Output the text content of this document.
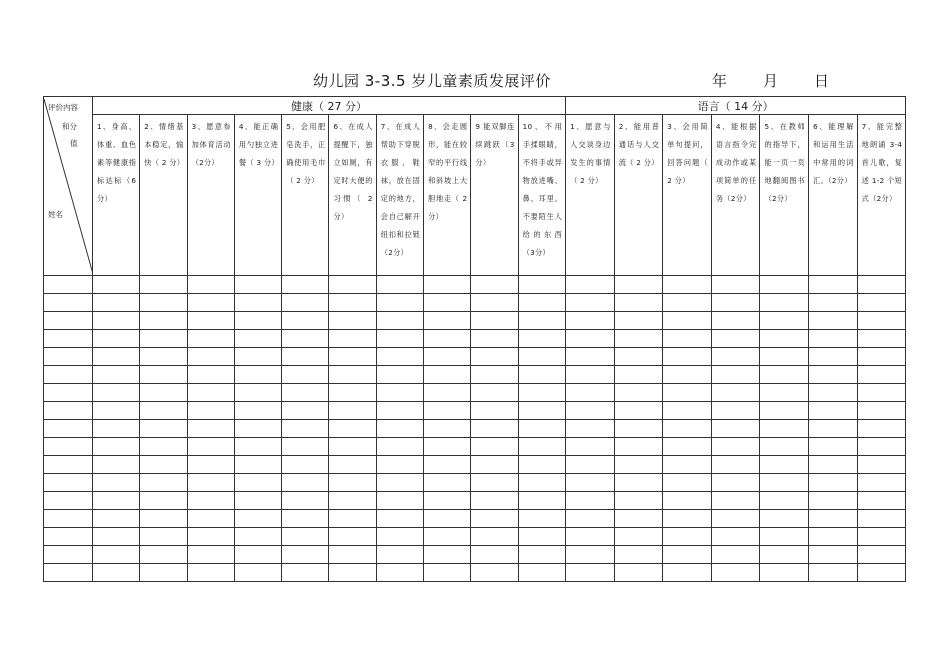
幼儿园 3-3.5 岁儿童素质发展评价	年 月 日
评价内容
和分
值
姓名	健康（ 27 分）										语言（ 14 分）						

	1、身高、体重、血色素等健康指标达标（6分）	2、情绪基本稳定，愉快（ 2 分）	3、愿意参加体育活动（2分）	4、能正确用勺独立进餐（ 3 分）	5、会用肥皂洗手，正确使用毛巾（ 2 分）	6、在成人提醒下，独立如厕，有定时大便的习惯（ 2 分）	7、在成人帮助下穿脱衣服、鞋袜，放在固定的地方，会自己解开纽扣和拉链（2分）	8、会走圆形，能在较窄的平行线和斜坡上大胆地走（ 2 分）	9 能双脚连续跳跃（3分）	10、不用手揉眼睛，不将手或异物放进嘴、鼻、耳里。不要陌生人给的东西（3分）	1、愿意与人交谈身边发生的事情（ 2 分）	2、能用普通话与人交流（ 2 分）	3、会用简单句提问，回答问题（ 2 分）	4、能根据语言指令完成动作或某项简单的任务（2分）	5、在教师的指导下，能一页一页地翻阅图书（2分）	6、能理解和运用生活中常用的词汇。（2分）	7、能完整地朗诵 3-4 首儿歌，复述 1-2 个短式（2分）
